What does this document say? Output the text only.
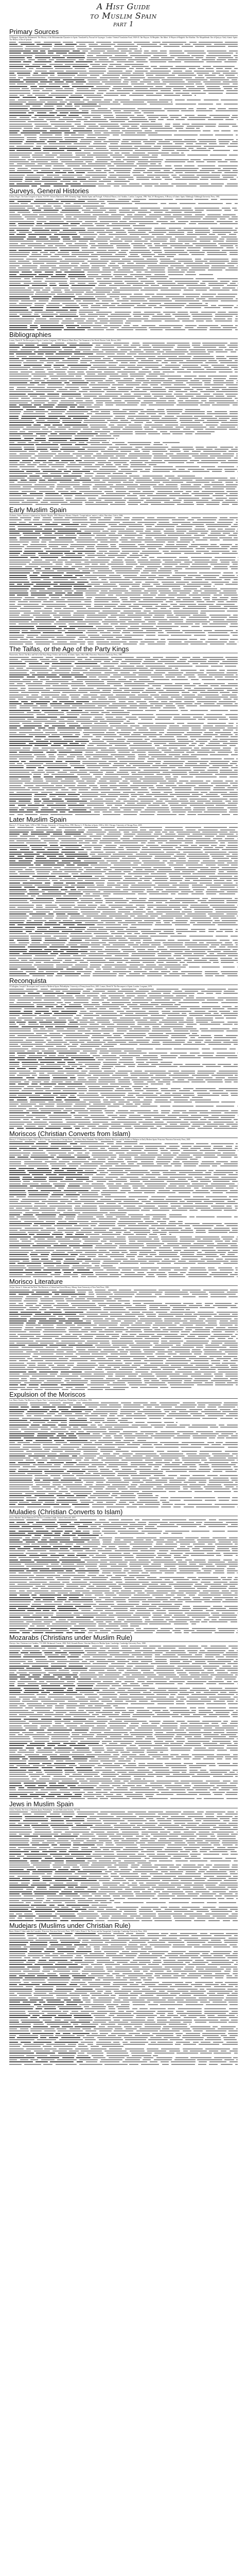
A Hist Guide
to Muslim Spain
part 1
Primary Sources

Al-Maqqari, Ahmed ibn Mohammed. The History of the Mohammedan Dynasties in Spain. Translated by Pascual de Gayangos. London: Oriental Translation Fund, 1840-43. Ibn Hayyan. Al-Muqtabis. Ibn Idhari. Al-Bayan al-Mughrib. Ibn Khaldun. The Muqaddimah. Ibn al-Qutiyya. Early Islamic Spain: The History of Ibn al-Qutiyah.

Surveys, General Histories

Collins, Roger. The Arab Conquest of Spain, 710-797. Oxford: Blackwell, 1989. Kennedy, Hugh. Muslim Spain and Portugal: A Political History of al-Andalus. London: Longman, 1996. Watt, W. Montgomery. A History of Islamic Spain. Edinburgh: Edinburgh University Press, 1965.

Bibliographies

Lomax, Derek W. The Reconquest of Spain. London: Longman, 1978. Menocal, Maria Rosa. The Ornament of the World. Boston: Little, Brown, 2002.

Early Muslim Spain

Chalmeta, Pedro. Invasion e islamizacion. Madrid: Mapfre, 1994. Manzano Moreno, Eduardo. Conquistadores, emires y califas. Barcelona: Critica, 2006.

The Taifas, or the Age of the Party Kings

Wasserstein, David. The Rise and Fall of the Party-Kings: Politics and Society in Islamic Spain, 1002-1086. Princeton: Princeton University Press, 1985.

Later Muslim Spain

Harvey, L. P. Islamic Spain, 1250 to 1500. Chicago: University of Chicago Press, 1990. Harvey, L. P. Muslims in Spain, 1500 to 1614. Chicago: University of Chicago Press, 2005.

Reconquista

O'Callaghan, Joseph F. Reconquest and Crusade in Medieval Spain. Philadelphia: University of Pennsylvania Press, 2003. Lomax, Derek W. The Reconquest of Spain. London: Longman, 1978.

Moriscos (Christian Converts from Islam)

Harvey, L. P. Muslims in Spain, 1500 to 1614. Chicago: University of Chicago Press, 2005. Perry, Mary Elizabeth. The Handless Maiden: Moriscos and the Politics of Religion in Early Modern Spain. Princeton: Princeton University Press, 2005.

Morisco Literature

Chejne, Anwar G. Islam and the West: The Moriscos, a Cultural and Social History. Albany: State University of New York Press, 1983.

Expulsion of the Moriscos

Lea, Henry Charles. The Moriscos of Spain: Their Conversion and Expulsion. Philadelphia: Lea Brothers, 1901.

Muladies (Christian Converts to Islam)

Fierro, Maribel. Abd al-Rahman III: The First Cordoban Caliph. Oxford: Oneworld, 2005.

Mozarabs (Christians under Muslim Rule)

Christys, Ann. Christians in al-Andalus, 711-1000. Richmond: Curzon, 2002. Wolf, Kenneth Baxter. Christian Martyrs in Muslim Spain. Cambridge: Cambridge University Press, 1988.

Jews in Muslim Spain

Ashtor, Eliyahu. The Jews of Moslem Spain. Philadelphia: Jewish Publication Society, 1973-84.

Mudejars (Muslims under Christian Rule)

Burns, Robert I. Islam under the Crusaders. Princeton: Princeton University Press, 1973. Catlos, Brian A. The Victors and the Vanquished. Cambridge: Cambridge University Press, 2004.
